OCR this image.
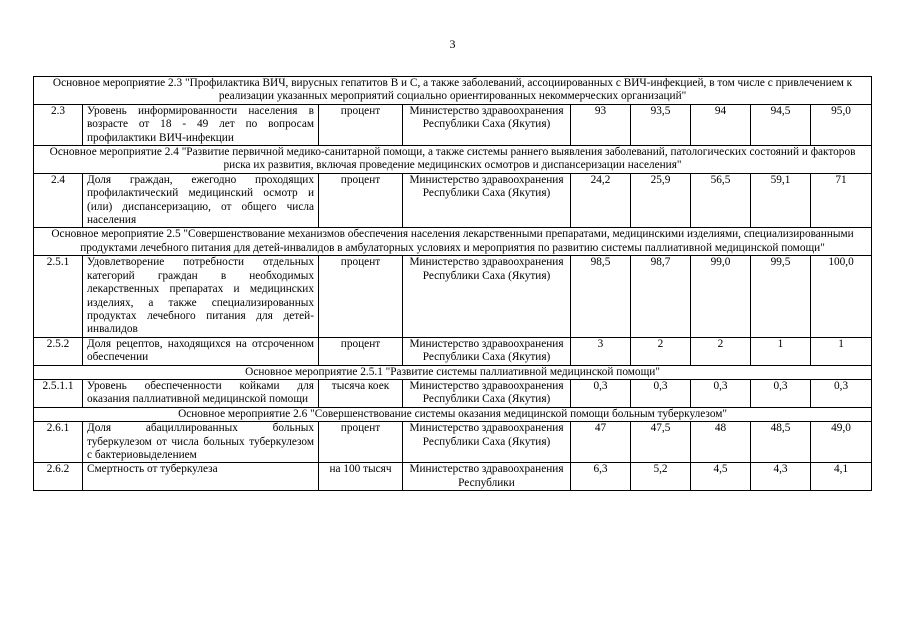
3
Основное мероприятие 2.3 "Профилактика ВИЧ, вирусных гепатитов В и С, а также заболеваний, ассоциированных с ВИЧ-инфекцией, в том числе с привлечением к реализации указанных мероприятий социально ориентированных некоммерческих организаций"								
2.3	Уровень информированности населения в возрасте от 18 - 49 лет по вопросам профилактики ВИЧ-инфекции	процент	Министерство здравоохранения Республики Саха (Якутия)	93	93,5	94	94,5	95,0
Основное мероприятие 2.4 "Развитие первичной медико-санитарной помощи, а также системы раннего выявления заболеваний, патологических состояний и факторов риска их развития, включая проведение медицинских осмотров и диспансеризации населения"								
2.4	Доля граждан, ежегодно проходящих профилактический медицинский осмотр и (или) диспансеризацию, от общего числа населения	процент	Министерство здравоохранения Республики Саха (Якутия)	24,2	25,9	56,5	59,1	71
Основное мероприятие 2.5 "Совершенствование механизмов обеспечения населения лекарственными препаратами, медицинскими изделиями, специализированными продуктами лечебного питания для детей-инвалидов в амбулаторных условиях и мероприятия по развитию системы паллиативной медицинской помощи"								
2.5.1	Удовлетворение потребности отдельных категорий граждан в необходимых лекарственных препаратах и медицинских изделиях, а также специализированных продуктах лечебного питания для детей-инвалидов	процент	Министерство здравоохранения Республики Саха (Якутия)	98,5	98,7	99,0	99,5	100,0
2.5.2	Доля рецептов, находящихся на отсроченном обеспечении	процент	Министерство здравоохранения Республики Саха (Якутия)	3	2	2	1	1
Основное мероприятие 2.5.1 "Развитие системы паллиативной медицинской помощи"								
2.5.1.1	Уровень обеспеченности койками для оказания паллиативной медицинской помощи	тысяча коек	Министерство здравоохранения Республики Саха (Якутия)	0,3	0,3	0,3	0,3	0,3
Основное мероприятие 2.6 "Совершенствование системы оказания медицинской помощи больным туберкулезом"								
2.6.1	Доля абациллированных больных туберкулезом от числа больных туберкулезом с бактериовыделением	процент	Министерство здравоохранения Республики Саха (Якутия)	47	47,5	48	48,5	49,0
2.6.2	Смертность от туберкулеза	на 100 тысяч	Министерство здравоохранения Республики	6,3	5,2	4,5	4,3	4,1
